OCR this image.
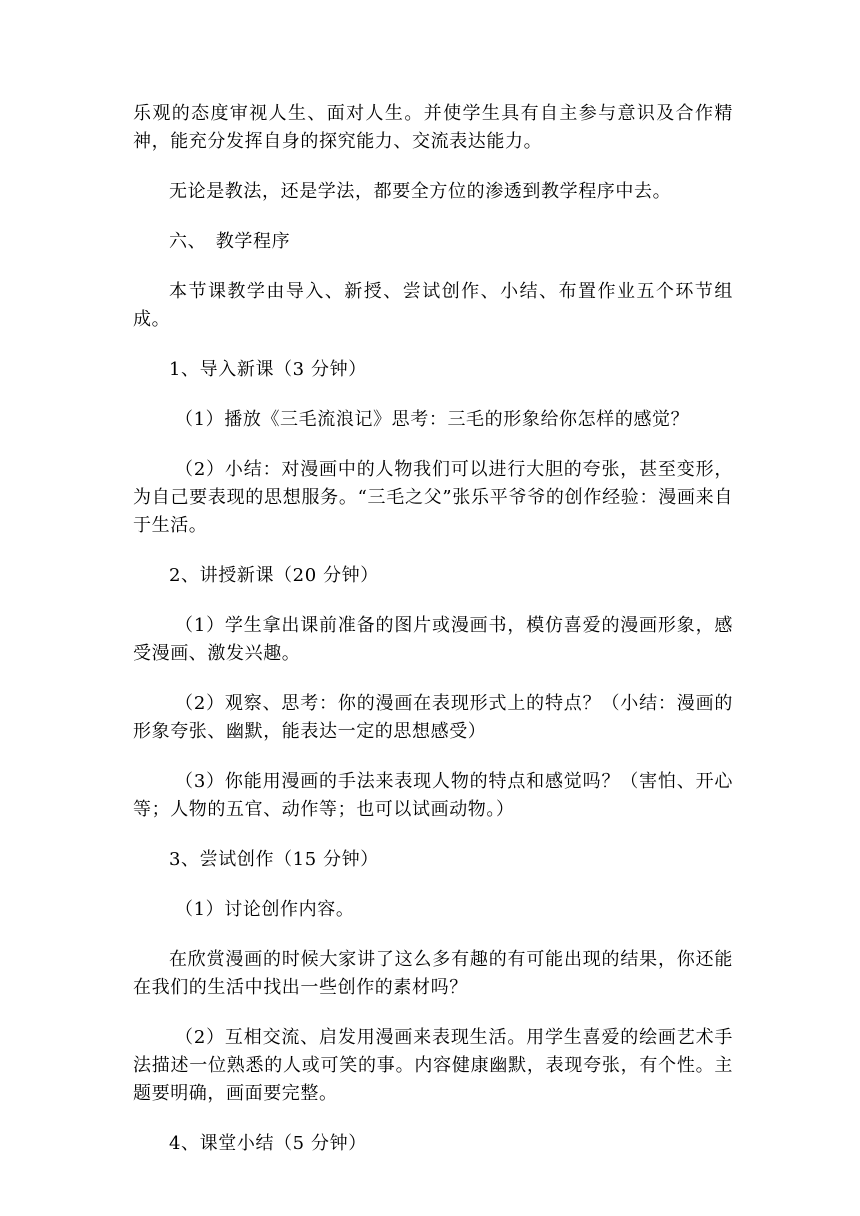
乐观的态度审视人生、面对人生。并使学生具有自主参与意识及合作精神，能充分发挥自身的探究能力、交流表达能力。

无论是教法，还是学法，都要全方位的渗透到教学程序中去。

六、　教学程序

本节课教学由导入、新授、尝试创作、小结、布置作业五个环节组成。

1、导入新课（3 分钟）

（1）播放《三毛流浪记》思考：三毛的形象给你怎样的感觉？

（2）小结：对漫画中的人物我们可以进行大胆的夸张，甚至变形，为自己要表现的思想服务。“三毛之父”张乐平爷爷的创作经验：漫画来自于生活。

2、讲授新课（20 分钟）

（1）学生拿出课前准备的图片或漫画书，模仿喜爱的漫画形象，感受漫画、激发兴趣。

（2）观察、思考：你的漫画在表现形式上的特点？（小结：漫画的形象夸张、幽默，能表达一定的思想感受）

（3）你能用漫画的手法来表现人物的特点和感觉吗？（害怕、开心等；人物的五官、动作等；也可以试画动物。）

3、尝试创作（15 分钟）

（1）讨论创作内容。

在欣赏漫画的时候大家讲了这么多有趣的有可能出现的结果，你还能在我们的生活中找出一些创作的素材吗？

（2）互相交流、启发用漫画来表现生活。用学生喜爱的绘画艺术手法描述一位熟悉的人或可笑的事。内容健康幽默，表现夸张，有个性。主题要明确，画面要完整。

4、课堂小结（5 分钟）
